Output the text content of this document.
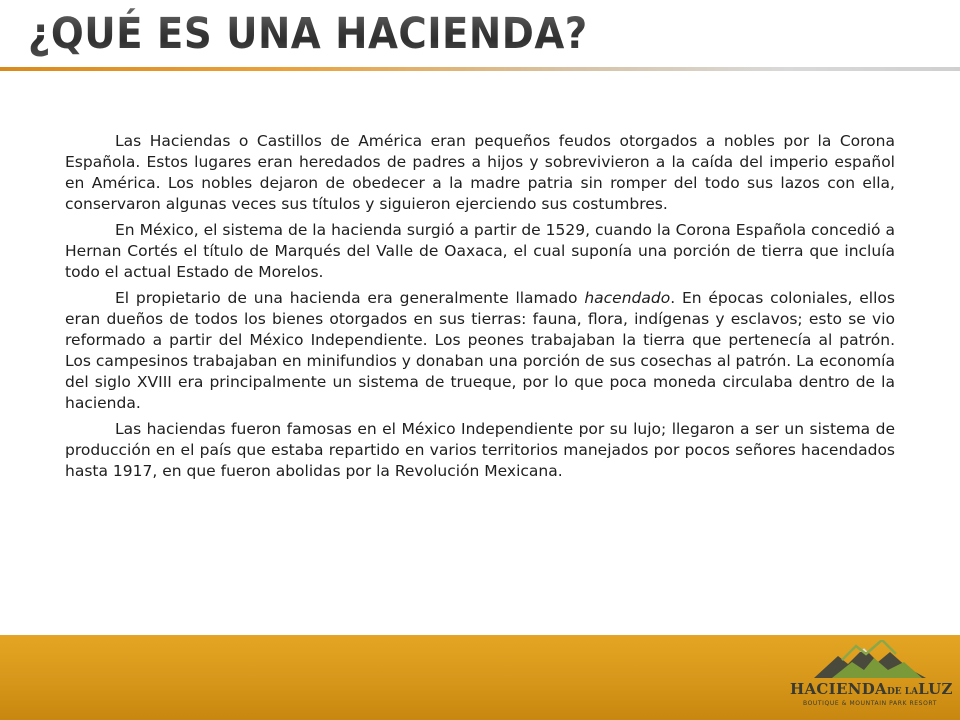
¿QUÉ ES UNA HACIENDA?

Las Haciendas o Castillos de América eran pequeños feudos otorgados a nobles por la Corona Española. Estos lugares eran heredados de padres a hijos y sobrevivieron a la caída del imperio español en América. Los nobles dejaron de obedecer a la madre patria sin romper del todo sus lazos con ella, conservaron algunas veces sus títulos y siguieron ejerciendo sus costumbres.

En México, el sistema de la hacienda surgió a partir de 1529, cuando la Corona Española concedió a Hernan Cortés el título de Marqués del Valle de Oaxaca, el cual suponía una porción de tierra que incluía todo el actual Estado de Morelos.

El propietario de una hacienda era generalmente llamado hacendado. En épocas coloniales, ellos eran dueños de todos los bienes otorgados en sus tierras: fauna, flora, indígenas y esclavos; esto se vio reformado a partir del México Independiente. Los peones trabajaban la tierra que pertenecía al patrón. Los campesinos trabajaban en minifundios y donaban una porción de sus cosechas al patrón. La economía del siglo XVIII era principalmente un sistema de trueque, por lo que poca moneda circulaba dentro de la hacienda.

Las haciendas fueron famosas en el México Independiente por su lujo; llegaron a ser un sistema de producción en el país que estaba repartido en varios territorios manejados por pocos señores hacendados hasta 1917, en que fueron abolidas por la Revolución Mexicana.

HACIENDADE LALUZ
BOUTIQUE & MOUNTAIN PARK RESORT
